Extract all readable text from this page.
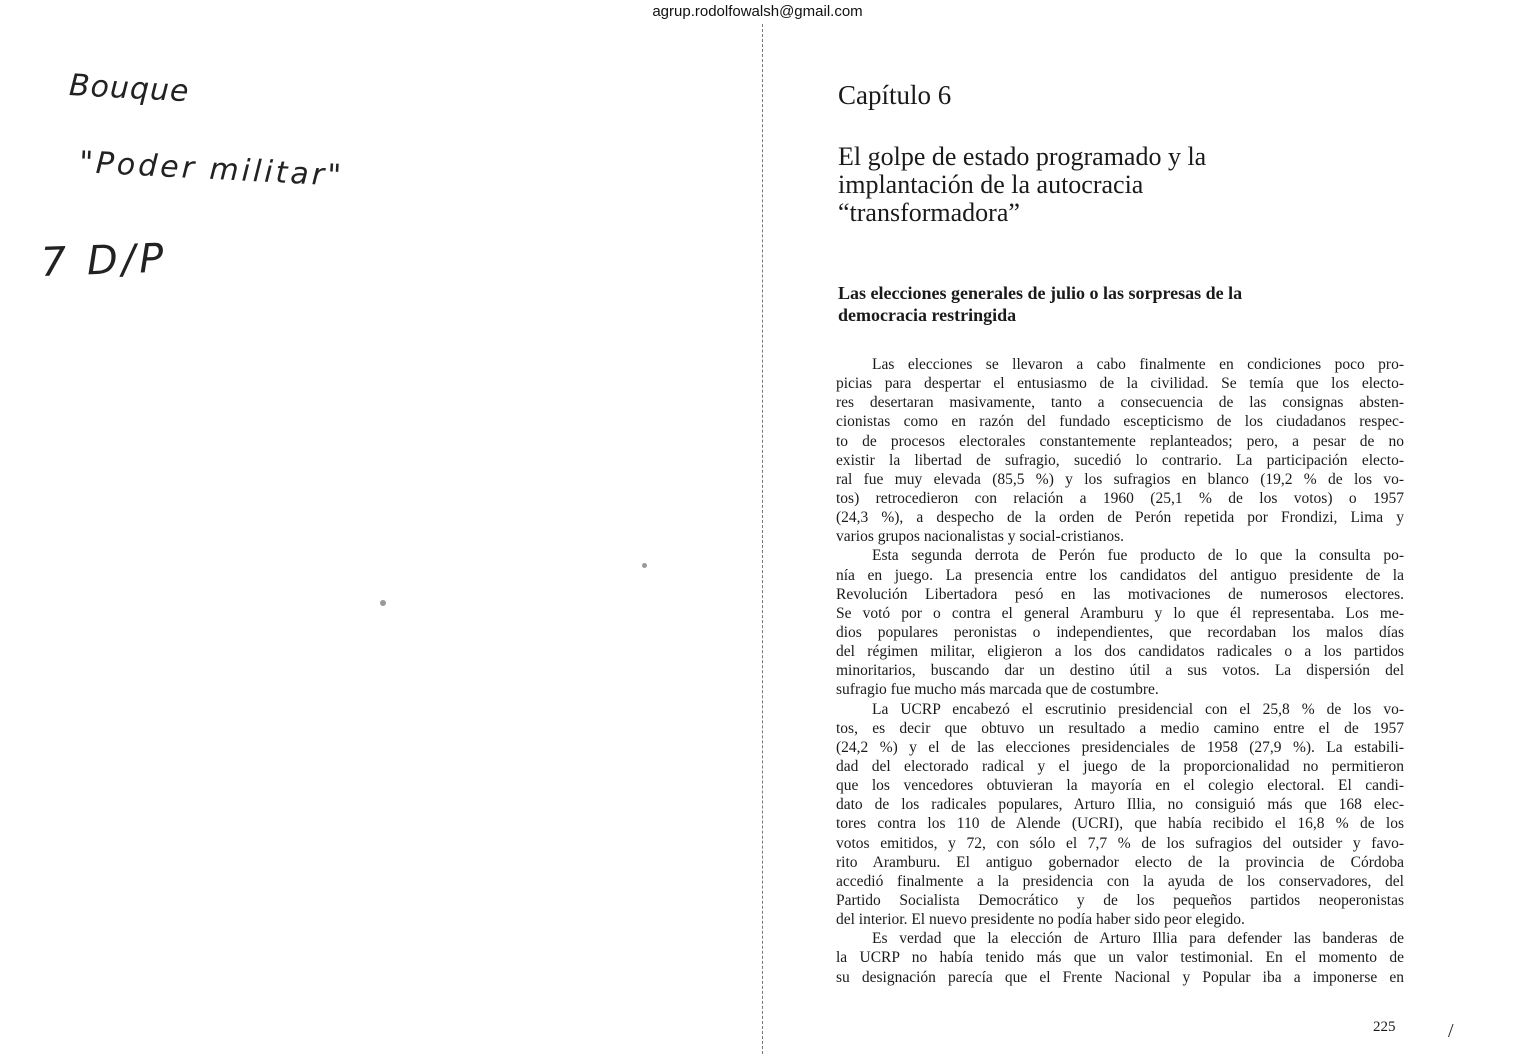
agrup.rodolfowalsh@gmail.com
Bouque
"Poder militar"
7 D/P
Capítulo 6
El golpe de estado programado y la
implantación de la autocracia
“transformadora”
Las elecciones generales de julio o las sorpresas de la
democracia restringida
Las elecciones se llevaron a cabo finalmente en condiciones poco pro-
picias para despertar el entusiasmo de la civilidad. Se temía que los electo-
res desertaran masivamente, tanto a consecuencia de las consignas absten-
cionistas como en razón del fundado escepticismo de los ciudadanos respec-
to de procesos electorales constantemente replanteados; pero, a pesar de no
existir la libertad de sufragio, sucedió lo contrario. La participación electo-
ral fue muy elevada (85,5 %) y los sufragios en blanco (19,2 % de los vo-
tos) retrocedieron con relación a 1960 (25,1 % de los votos) o 1957
(24,3 %), a despecho de la orden de Perón repetida por Frondizi, Lima y
varios grupos nacionalistas y social-cristianos.
Esta segunda derrota de Perón fue producto de lo que la consulta po-
nía en juego. La presencia entre los candidatos del antiguo presidente de la
Revolución Libertadora pesó en las motivaciones de numerosos electores.
Se votó por o contra el general Aramburu y lo que él representaba. Los me-
dios populares peronistas o independientes, que recordaban los malos días
del régimen militar, eligieron a los dos candidatos radicales o a los partidos
minoritarios, buscando dar un destino útil a sus votos. La dispersión del
sufragio fue mucho más marcada que de costumbre.
La UCRP encabezó el escrutinio presidencial con el 25,8 % de los vo-
tos, es decir que obtuvo un resultado a medio camino entre el de 1957
(24,2 %) y el de las elecciones presidenciales de 1958 (27,9 %). La estabili-
dad del electorado radical y el juego de la proporcionalidad no permitieron
que los vencedores obtuvieran la mayoría en el colegio electoral. El candi-
dato de los radicales populares, Arturo Illia, no consiguió más que 168 elec-
tores contra los 110 de Alende (UCRI), que había recibido el 16,8 % de los
votos emitidos, y 72, con sólo el 7,7 % de los sufragios del outsider y favo-
rito Aramburu. El antiguo gobernador electo de la provincia de Córdoba
accedió finalmente a la presidencia con la ayuda de los conservadores, del
Partido Socialista Democrático y de los pequeños partidos neoperonistas
del interior. El nuevo presidente no podía haber sido peor elegido.
Es verdad que la elección de Arturo Illia para defender las banderas de
la UCRP no había tenido más que un valor testimonial. En el momento de
su designación parecía que el Frente Nacional y Popular iba a imponerse en
225	/
